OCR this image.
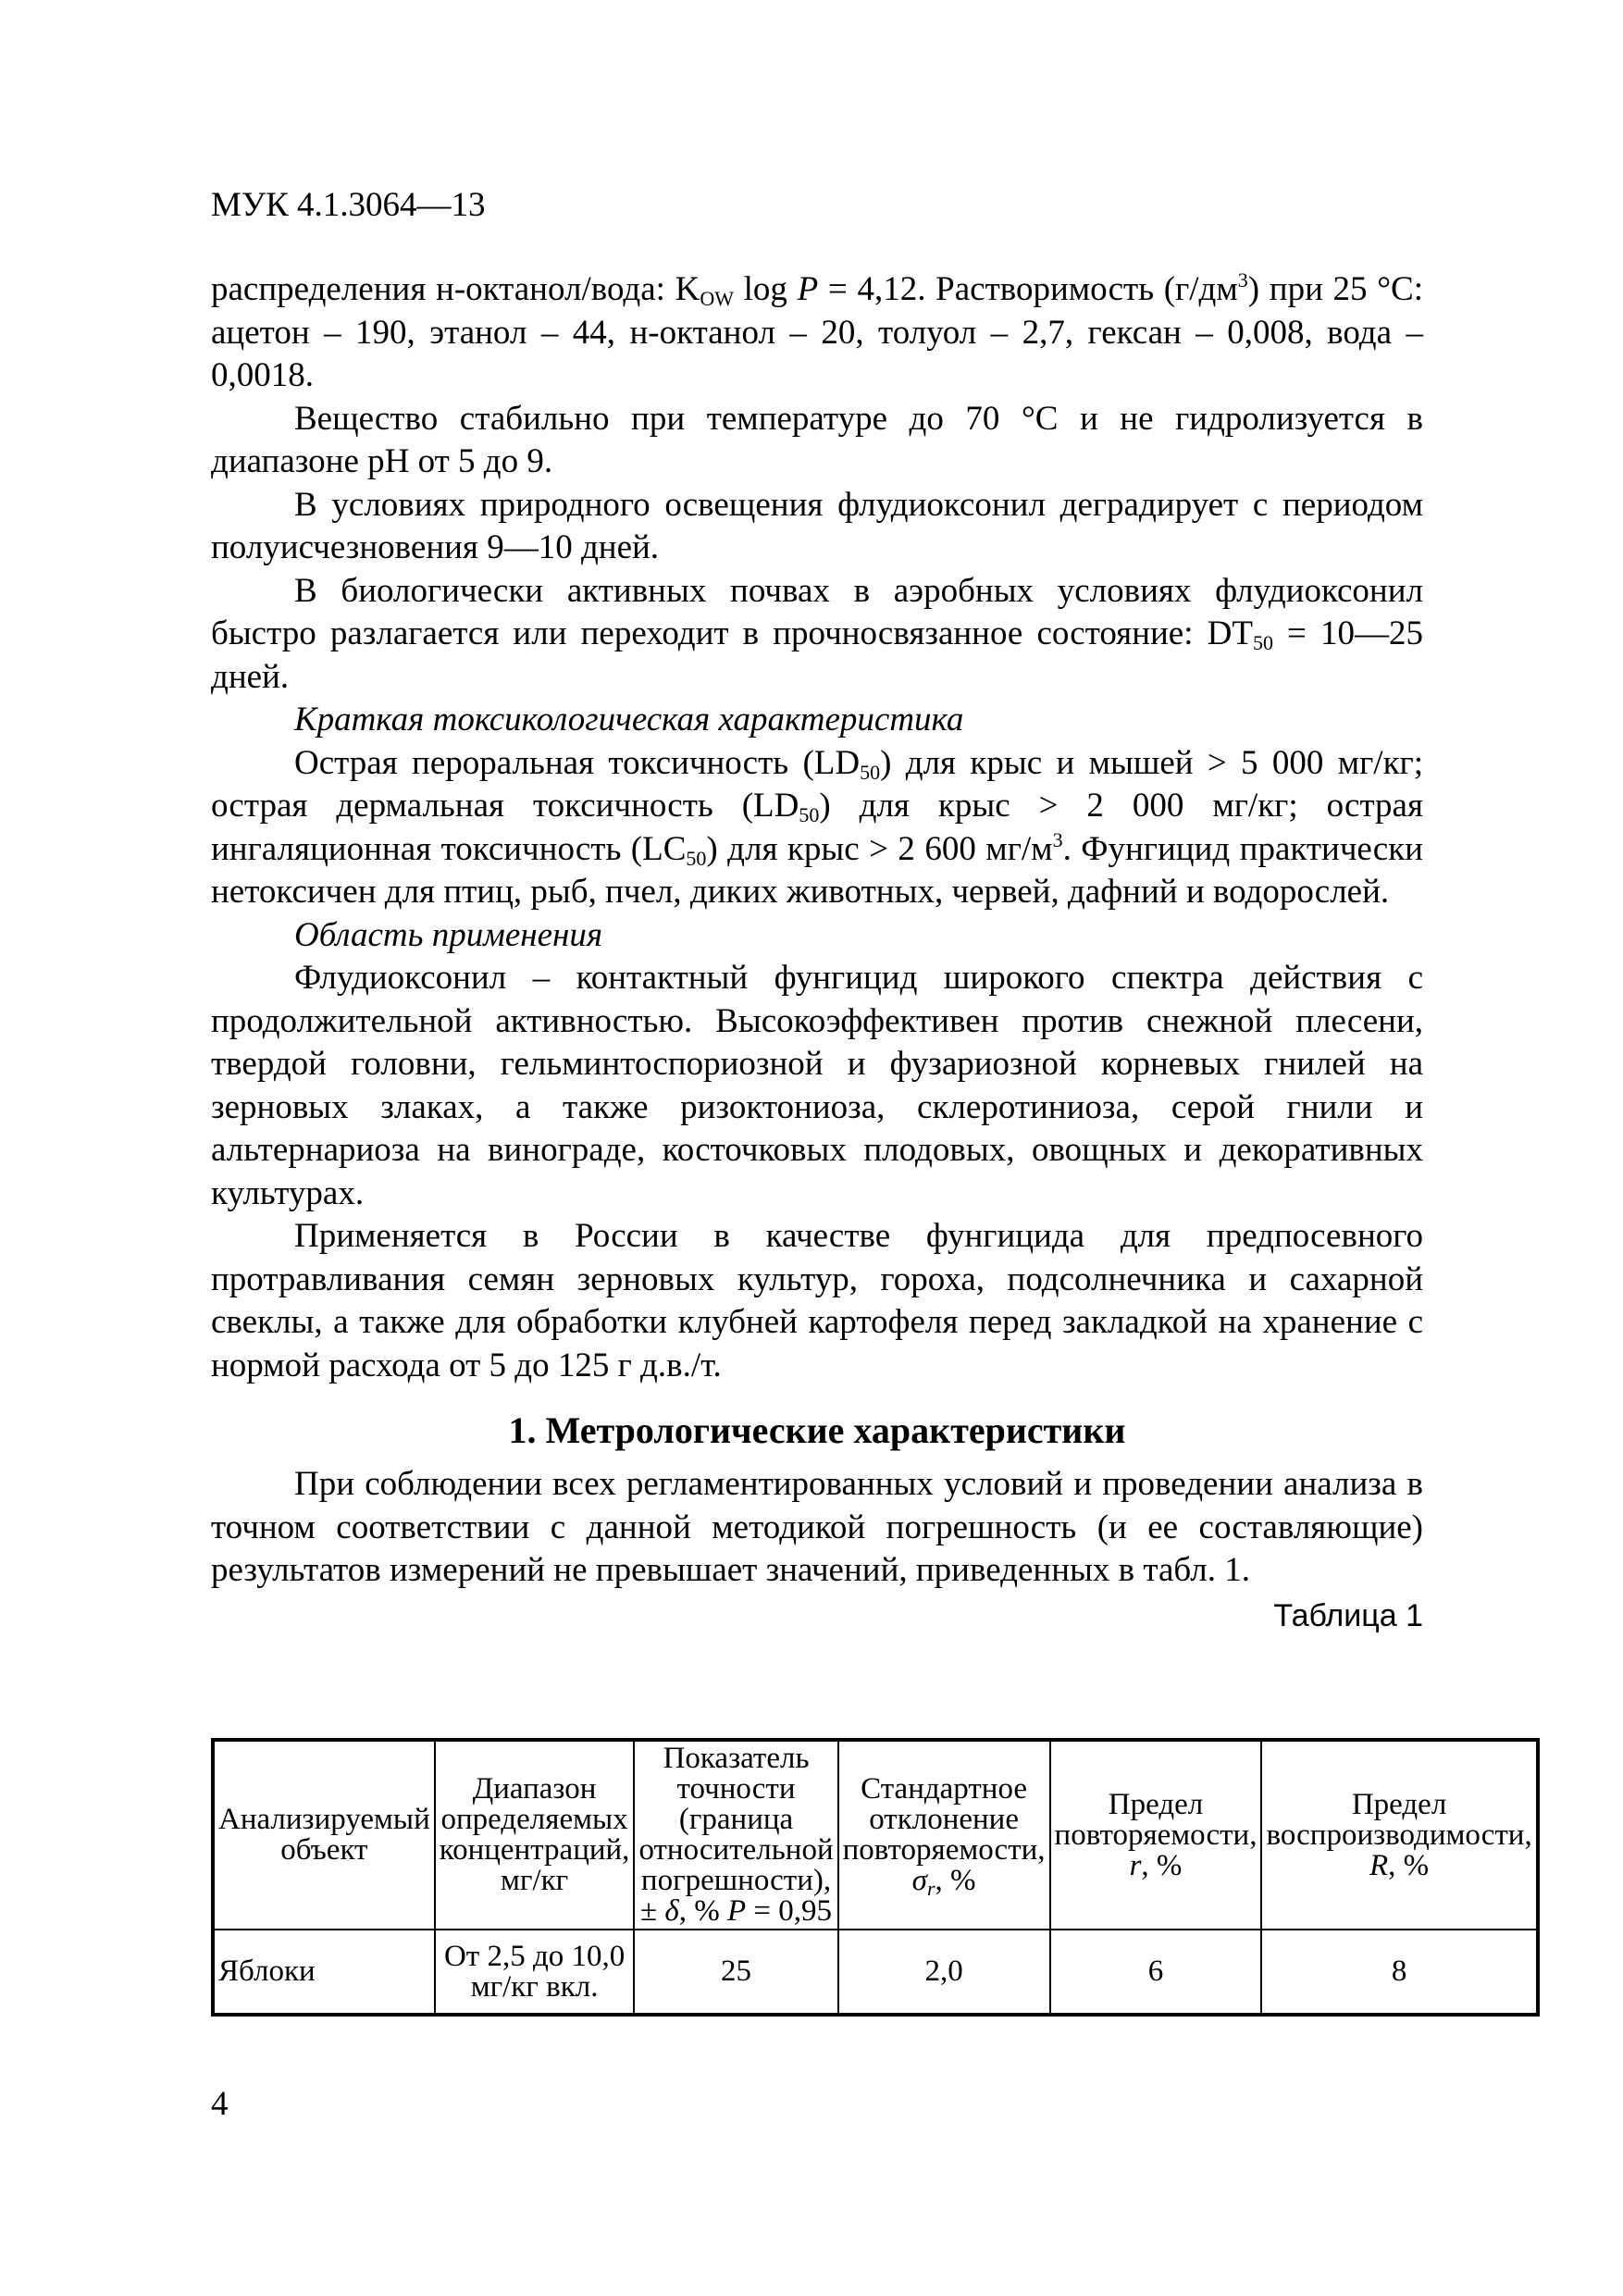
МУК 4.1.3064—13

распределения н-октанол/вода: $K_{OW}$ log P = 4,12. Растворимость $(г/дм^3)$ при 25 °С: ацетон – 190, этанол – 44, н-октанол – 20, толуол – 2,7, гексан – 0,008, вода – 0,0018.

Вещество стабильно при температуре до 70 °С и не гидролизуется в диапазоне pH от 5 до 9.

В условиях природного освещения флудиоксонил деградирует с периодом полуисчезновения 9—10 дней.

В биологически активных почвах в аэробных условиях флудиоксонил быстро разлагается или переходит в прочносвязанное состояние: $DT_{50}$ = 10—25 дней.

Краткая токсикологическая характеристика

Острая пероральная токсичность $(LD_{50})$ для крыс и мышей > 5 000 мг/кг; острая дермальная токсичность $(LD_{50})$ для крыс > 2 000 мг/кг; острая ингаляционная токсичность $(LC_{50})$ для крыс > 2 600 $мг/м^3$. Фунгицид практически нетоксичен для птиц, рыб, пчел, диких животных, червей, дафний и водорослей.

Область применения

Флудиоксонил – контактный фунгицид широкого спектра действия с продолжительной активностью. Высокоэффективен против снежной плесени, твердой головни, гельминтоспориозной и фузариозной корневых гнилей на зерновых злаках, а также ризоктониоза, склеротиниоза, серой гнили и альтернариоза на винограде, косточковых плодовых, овощных и декоративных культурах.

Применяется в России в качестве фунгицида для предпосевного протравливания семян зерновых культур, гороха, подсолнечника и сахарной свеклы, а также для обработки клубней картофеля перед закладкой на хранение с нормой расхода от 5 до 125 г д.в./т.

1. Метрологические характеристики

При соблюдении всех регламентированных условий и проведении анализа в точном соответствии с данной методикой погрешность (и ее составляющие) результатов измерений не превышает значений, приведенных в табл. 1.

Таблица 1

Анализируемый объект	Диапазон определяемых концентраций, мг/кг	Показатель точности (граница относительной погрешности), ± δ, % P = 0,95	Стандартное отклонение повторяемости, $\sigma_r$, %	Предел повторяемости, r, %	Предел воспроизводимости, R, %
Яблоки	От 2,5 до 10,0 мг/кг вкл.	25	2,0	6	8
4
